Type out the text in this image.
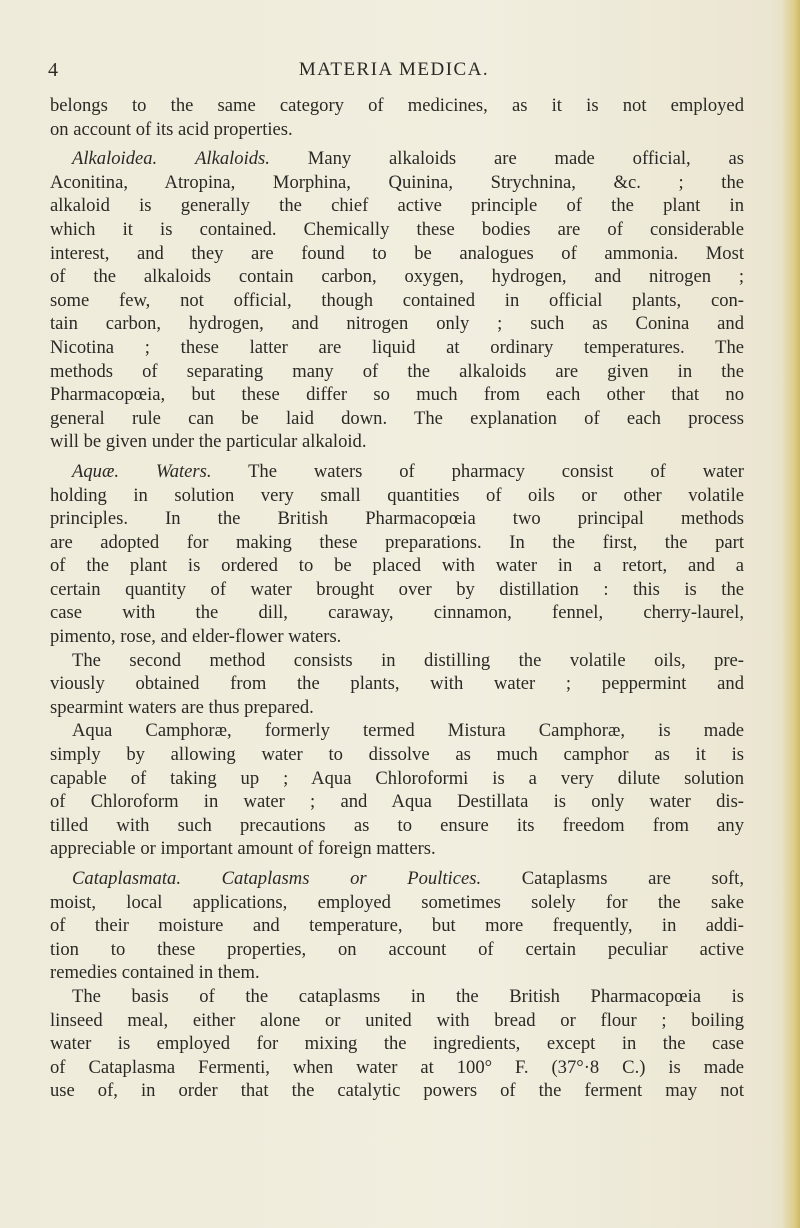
4	MATERIA MEDICA.
belongs to the same category of medicines, as it is not employed
on account of its acid properties.
Alkaloidea. Alkaloids. Many alkaloids are made official, as
Aconitina, Atropina, Morphina, Quinina, Strychnina, &c. ; the
alkaloid is generally the chief active principle of the plant in
which it is contained. Chemically these bodies are of considerable
interest, and they are found to be analogues of ammonia. Most
of the alkaloids contain carbon, oxygen, hydrogen, and nitrogen ;
some few, not official, though contained in official plants, con-
tain carbon, hydrogen, and nitrogen only ; such as Conina and
Nicotina ; these latter are liquid at ordinary temperatures. The
methods of separating many of the alkaloids are given in the
Pharmacopœia, but these differ so much from each other that no
general rule can be laid down. The explanation of each process
will be given under the particular alkaloid.
Aquæ. Waters. The waters of pharmacy consist of water
holding in solution very small quantities of oils or other volatile
principles. In the British Pharmacopœia two principal methods
are adopted for making these preparations. In the first, the part
of the plant is ordered to be placed with water in a retort, and a
certain quantity of water brought over by distillation : this is the
case with the dill, caraway, cinnamon, fennel, cherry-laurel,
pimento, rose, and elder-flower waters.
The second method consists in distilling the volatile oils, pre-
viously obtained from the plants, with water ; peppermint and
spearmint waters are thus prepared.
Aqua Camphoræ, formerly termed Mistura Camphoræ, is made
simply by allowing water to dissolve as much camphor as it is
capable of taking up ; Aqua Chloroformi is a very dilute solution
of Chloroform in water ; and Aqua Destillata is only water dis-
tilled with such precautions as to ensure its freedom from any
appreciable or important amount of foreign matters.
Cataplasmata. Cataplasms or Poultices. Cataplasms are soft,
moist, local applications, employed sometimes solely for the sake
of their moisture and temperature, but more frequently, in addi-
tion to these properties, on account of certain peculiar active
remedies contained in them.
The basis of the cataplasms in the British Pharmacopœia is
linseed meal, either alone or united with bread or flour ; boiling
water is employed for mixing the ingredients, except in the case
of Cataplasma Fermenti, when water at 100° F. (37°·8 C.) is made
use of, in order that the catalytic powers of the ferment may not
